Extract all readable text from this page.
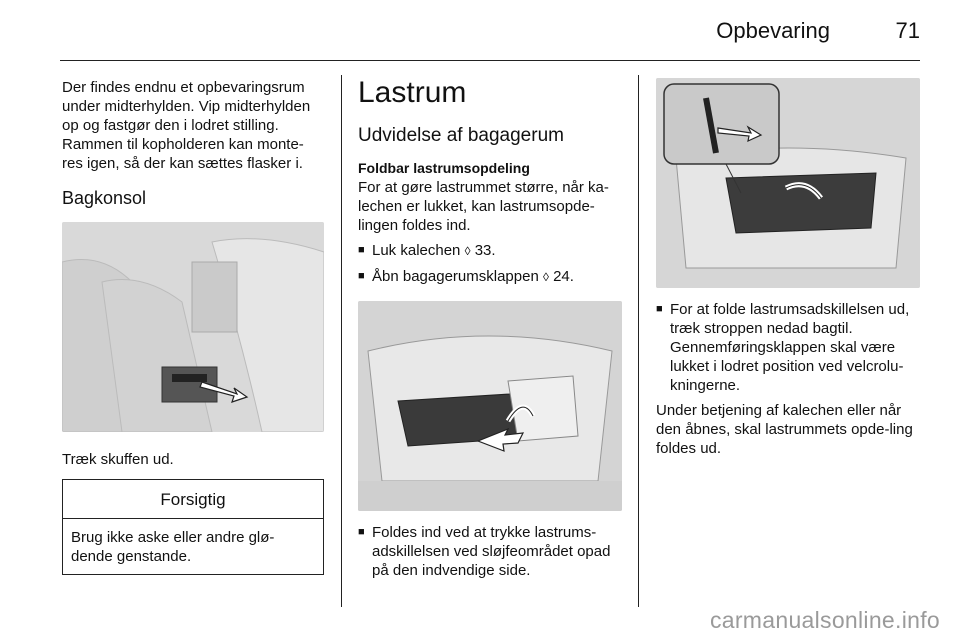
Opbevaring	71

Der findes endnu et opbevaringsrum under midterhylden. Vip midterhylden op og fastgør den i lodret stilling. Rammen til kopholderen kan monte-res igen, så der kan sættes flasker i.

Bagkonsol

Træk skuffen ud.

Forsigtig
Brug ikke aske eller andre glø-dende genstande.
Lastrum
Udvidelse af bagagerum
Foldbar lastrumsopdeling

For at gøre lastrummet større, når ka-lechen er lukket, kan lastrumsopde-lingen foldes ind.

■ Luk kalechen ◊ 33.
■ Åbn bagagerumsklappen ◊ 24.
■ Foldes ind ved at trykke lastrums-adskillelsen ved sløjfeområdet opad på den indvendige side.
■ For at folde lastrumsadskillelsen ud, træk stroppen nedad bagtil. Gennemføringsklappen skal være lukket i lodret position ved velcrolu-kningerne.

Under betjening af kalechen eller når den åbnes, skal lastrummets opde-ling foldes ud.

carmanualsonline.info
